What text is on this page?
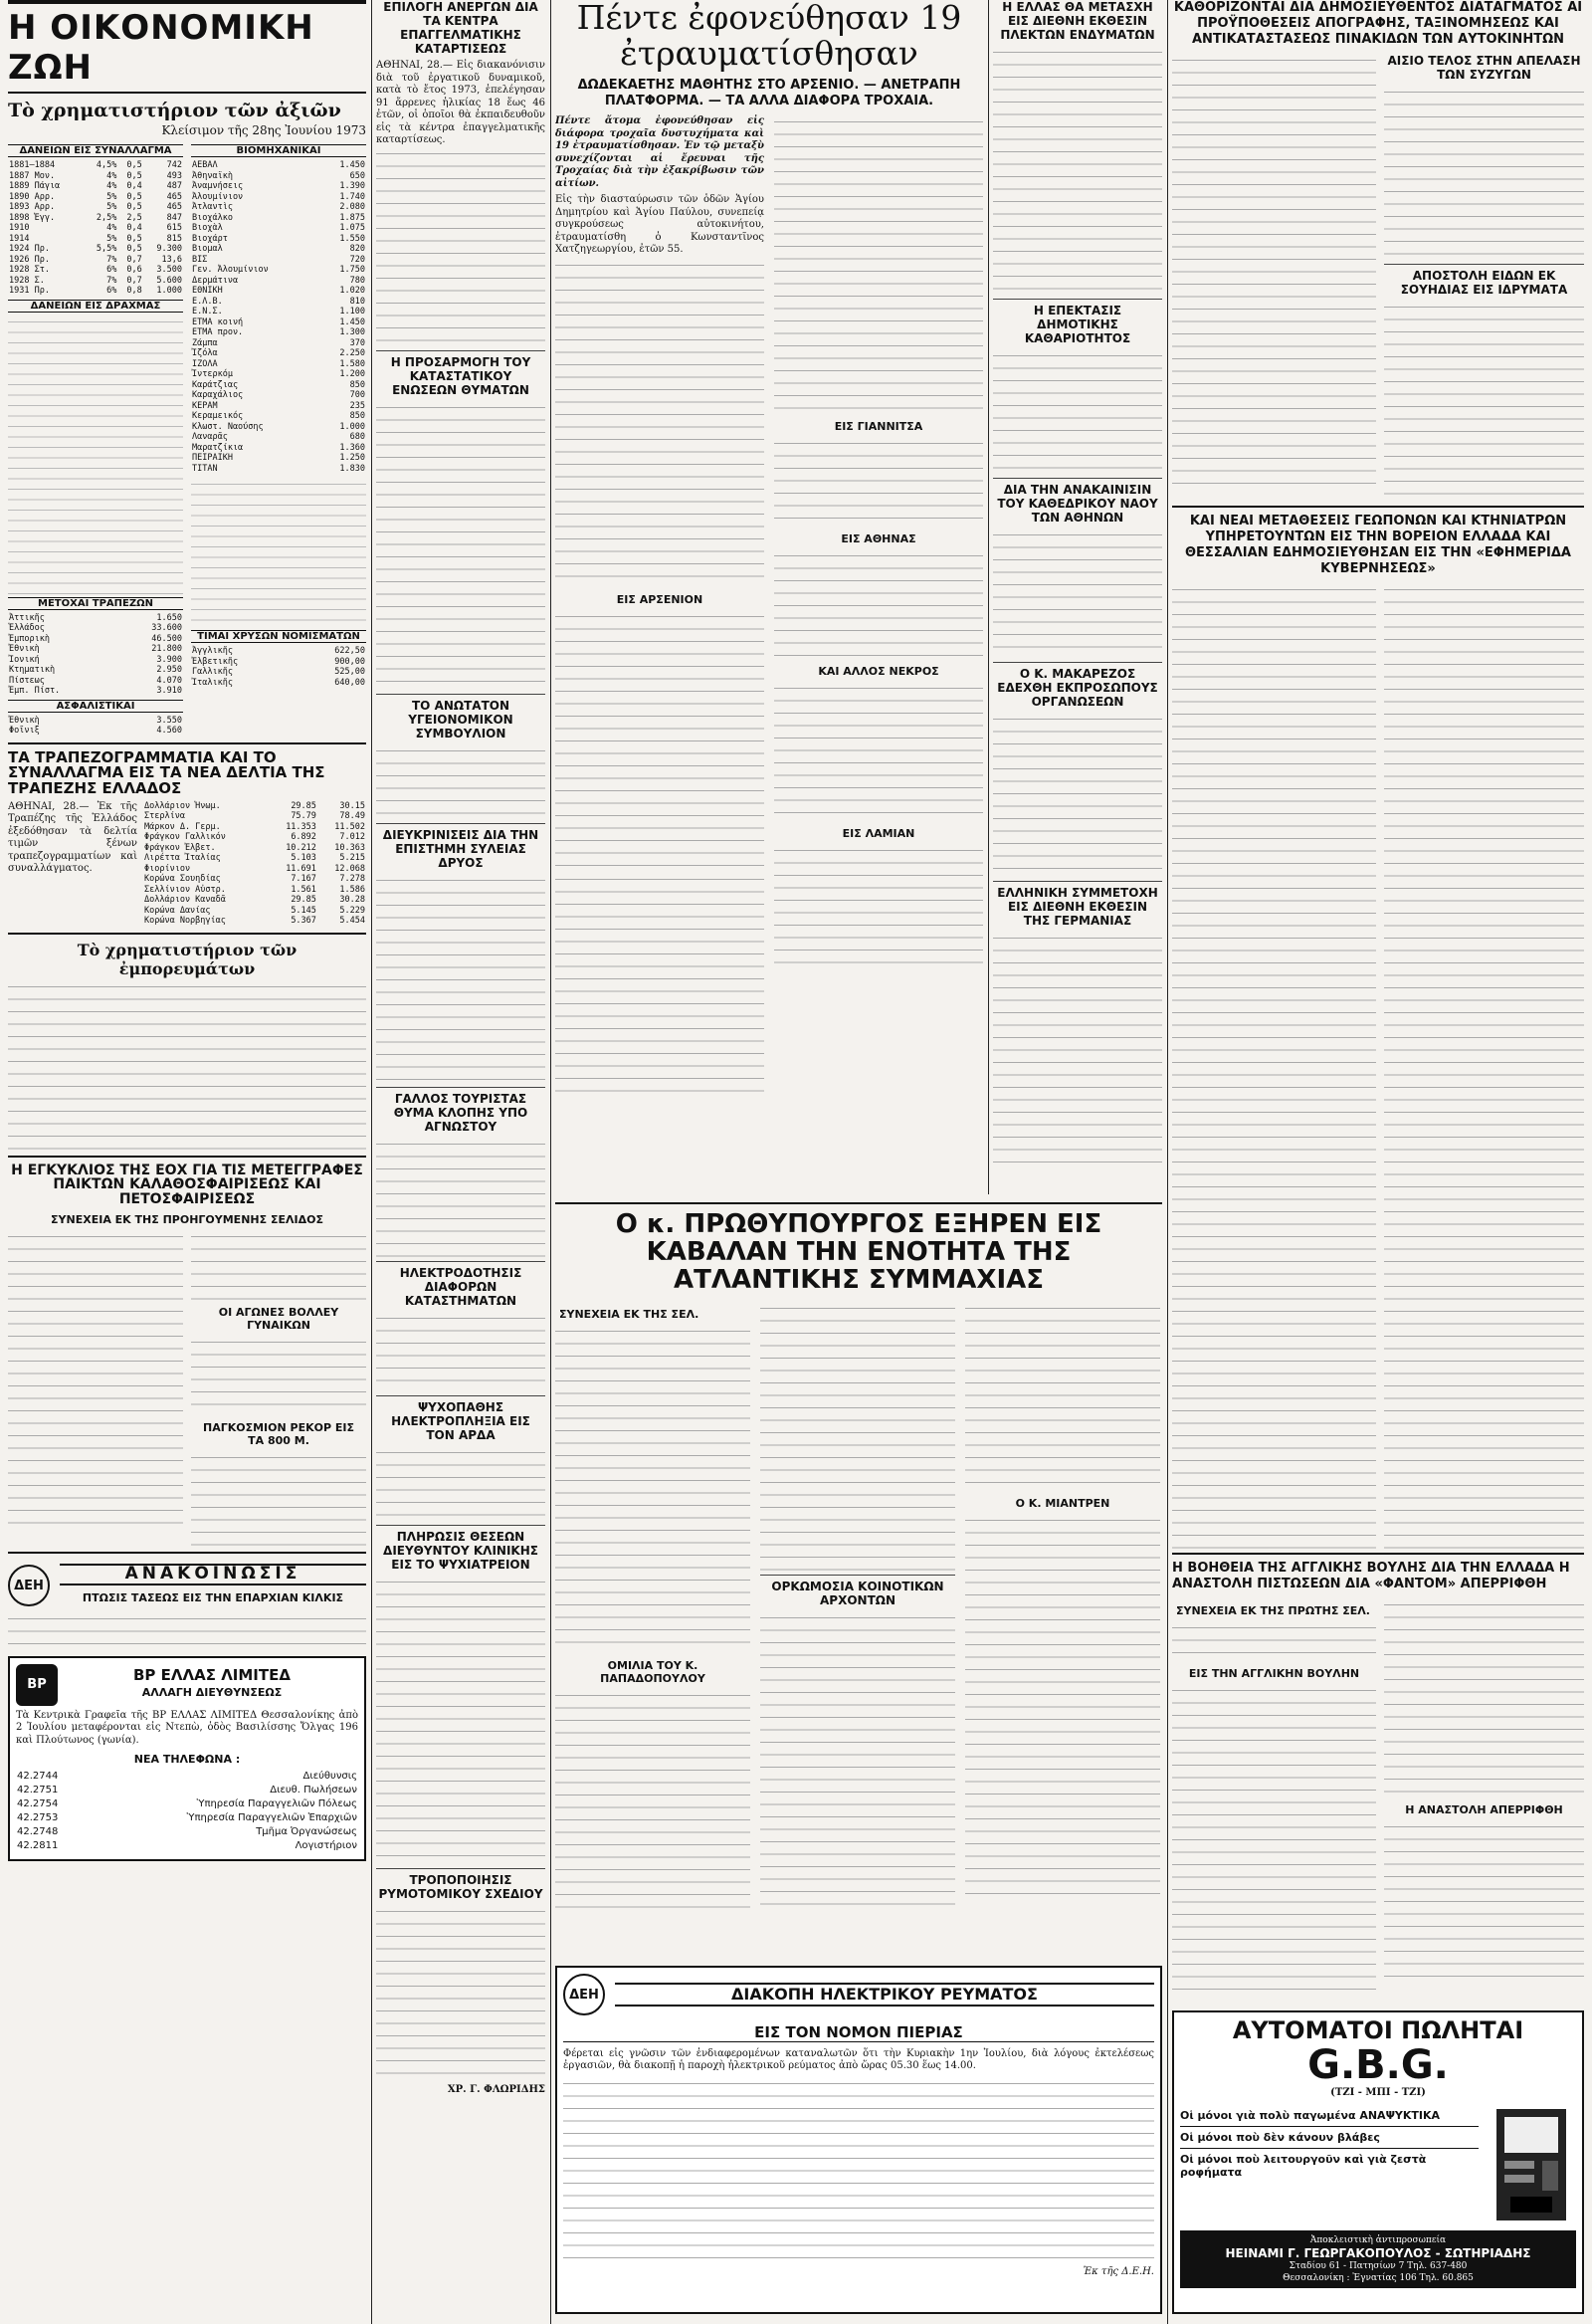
Η ΟΙΚΟΝΟΜΙΚΗ ΖΩΗ
Τὸ χρηματιστήριον τῶν ἀξιῶν
Κλείσιμον τῆς 28ης Ἰουνίου 1973
ΔΑΝΕΙΩΝ ΕΙΣ ΣΥΝΑΛΛΑΓΜΑ
1881—1884	4,5%	0,5	742
1887 Μον.	4%	0,5	493
1889 Πάγια	4%	0,4	487
1890 Αρρ.	5%	0,5	465
1893 Αρρ.	5%	0,5	465
1898 Ἐγγ.	2,5%	2,5	847
1910	4%	0,4	615
1914	5%	0,5	815
1924 Πρ.	5,5%	0,5	9.300
1926 Πρ.	7%	0,7	13,6
1928 Στ.	6%	0,6	3.500
1928 Σ.	7%	0,7	5.600
1931 Πρ.	6%	0,8	1.000
ΔΑΝΕΙΩΝ ΕΙΣ ΔΡΑΧΜΑΣ
ΜΕΤΟΧΑΙ ΤΡΑΠΕΖΩΝ
Ἀττικῆς	1.650
Ἑλλάδος	33.600
Ἐμπορικὴ	46.500
Ἐθνικὴ	21.800
Ἰονική	3.900
Κτηματικὴ	2.950
Πίστεως	4.070
Ἐμπ. Πίστ.	3.910
ΑΣΦΑΛΙΣΤΙΚΑΙ
Ἐθνικὴ	3.550
Φοῖνιξ	4.560
ΒΙΟΜΗΧΑΝΙΚΑΙ
ΑΕΒΑΛ	1.450
Ἀθηναϊκὴ	650
Ἀναμνήσεις	1.390
Ἀλουμίνιον	1.740
Ἀτλαντὶς	2.080
Βιοχάλκο	1.875
Βιοχὰλ	1.075
Βιοχάρτ	1.550
Βιομαλ	820
ΒΙΣ	720
Γεν. Ἀλουμίνιον	1.750
Δερμάτινα	780
ΕΘΝΙΚΗ	1.020
Ε.Λ.Β.	810
Ε.Ν.Σ.	1.100
ΕΤΜΑ κοινή	1.450
ΕΤΜΑ προν.	1.300
Ζάμπα	370
Ἰζόλα	2.250
ΙΖΟΛΑ	1.580
Ἰντερκόμ	1.200
Καράτζιας	850
Καραχάλιος	700
ΚΕΡΑΜ	235
Κεραμεικός	850
Κλωστ. Ναούσης	1.000
Λαναρᾶς	680
Μαρατζίκια	1.360
ΠΕΙΡΑΙΚΗ	1.250
ΤΙΤΑΝ	1.830
ΤΙΜΑΙ ΧΡΥΣΩΝ ΝΟΜΙΣΜΑΤΩΝ
Ἀγγλικῆς	622,50
Ἐλβετικῆς	900,00
Γαλλικῆς	525,00
Ἰταλικῆς	640,00
ΤΑ ΤΡΑΠΕΖΟΓΡΑΜΜΑΤΙΑ ΚΑΙ ΤΟ ΣΥΝΑΛΛΑΓΜΑ ΕΙΣ ΤΑ ΝΕΑ ΔΕΛΤΙΑ ΤΗΣ ΤΡΑΠΕΖΗΣ ΕΛΛΑΔΟΣ
ΑΘΗΝΑΙ, 28.— Ἐκ τῆς Τραπέζης τῆς Ἑλλάδος ἐξεδόθησαν τὰ δελτία τιμῶν ξένων τραπεζογραμματίων καὶ συναλλάγματος.
Δολλάριον Ἡνωμ.	29.85	30.15
Στερλίνα	75.79	78.49
Μάρκον Δ. Γερμ.	11.353	11.502
Φράγκον Γαλλικόν	6.892	7.012
Φράγκον Ἐλβετ.	10.212	10.363
Λιρέττα Ἰταλίας	5.103	5.215
Φιορίνιον	11.691	12.068
Κορώνα Σουηδίας	7.167	7.278
Σελλίνιον Αὐστρ.	1.561	1.586
Δολλάριον Καναδᾶ	29.85	30.28
Κορώνα Δανίας	5.145	5.229
Κορώνα Νορβηγίας	5.367	5.454
Τὸ χρηματιστήριον τῶν ἐμπορευμάτων
Η ΕΓΚΥΚΛΙΟΣ ΤΗΣ ΕΟΧ ΓΙΑ ΤΙΣ ΜΕΤΕΓΓΡΑΦΕΣ ΠΑΙΚΤΩΝ ΚΑΛΑΘΟΣΦΑΙΡΙΣΕΩΣ ΚΑΙ ΠΕΤΟΣΦΑΙΡΙΣΕΩΣ
ΣΥΝΕΧΕΙΑ ΕΚ ΤΗΣ ΠΡΟΗΓΟΥΜΕΝΗΣ ΣΕΛΙΔΟΣ
ΟΙ ΑΓΩΝΕΣ ΒΟΛΛΕΥ ΓΥΝΑΙΚΩΝ
ΠΑΓΚΟΣΜΙΟΝ ΡΕΚΟΡ ΕΙΣ ΤΑ 800 Μ.
ΔΕΗ
ΑΝΑΚΟΙΝΩΣΙΣ
ΠΤΩΣΙΣ ΤΑΣΕΩΣ ΕΙΣ ΤΗΝ ΕΠΑΡΧΙΑΝ ΚΙΛΚΙΣ
BP
BP ΕΛΛΑΣ ΛΙΜΙΤΕΔ
ΑΛΛΑΓΗ ΔΙΕΥΘΥΝΣΕΩΣ
Τὰ Κεντρικὰ Γραφεῖα τῆς BP ΕΛΛΑΣ ΛΙΜΙΤΕΔ Θεσσαλονίκης ἀπὸ 2 Ἰουλίου μεταφέρονται εἰς Ντεπὼ, ὁδὸς Βασιλίσσης Ὄλγας 196 καὶ Πλούτωνος (γωνία).
ΝΕΑ ΤΗΛΕΦΩΝΑ :
42.2744	Διεύθυνσις
42.2751	Διευθ. Πωλήσεων
42.2754	Ὑπηρεσία Παραγγελιῶν Πόλεως
42.2753	Ὑπηρεσία Παραγγελιῶν Ἐπαρχιῶν
42.2748	Τμῆμα Ὀργανώσεως
42.2811	Λογιστήριον
ΕΠΙΛΟΓΗ ΑΝΕΡΓΩΝ ΔΙΑ ΤΑ ΚΕΝΤΡΑ ΕΠΑΓΓΕΛΜΑΤΙΚΗΣ ΚΑΤΑΡΤΙΣΕΩΣ
ΑΘΗΝΑΙ, 28.— Εἰς διακανόνισιν διὰ τοῦ ἐργατικοῦ δυναμικοῦ, κατὰ τὸ ἔτος 1973, ἐπελέγησαν 91 ἄρρενες ἡλικίας 18 ἕως 46 ἐτῶν, οἱ ὁποῖοι θὰ ἐκπαιδευθοῦν εἰς τὰ κέντρα ἐπαγγελματικῆς καταρτίσεως.
Η ΠΡΟΣΑΡΜΟΓΗ ΤΟΥ ΚΑΤΑΣΤΑΤΙΚΟΥ ΕΝΩΣΕΩΝ ΘΥΜΑΤΩΝ
ΤΟ ΑΝΩΤΑΤΟΝ ΥΓΕΙΟΝΟΜΙΚΟΝ ΣΥΜΒΟΥΛΙΟΝ
ΔΙΕΥΚΡΙΝΙΣΕΙΣ ΔΙΑ ΤΗΝ ΕΠΙΣΤΗΜΗ ΣΥΛΕΙΑΣ ΔΡΥΟΣ
ΓΑΛΛΟΣ ΤΟΥΡΙΣΤΑΣ ΘΥΜΑ ΚΛΟΠΗΣ ΥΠΟ ΑΓΝΩΣΤΟΥ
ΗΛΕΚΤΡΟΔΟΤΗΣΙΣ ΔΙΑΦΟΡΩΝ ΚΑΤΑΣΤΗΜΑΤΩΝ
ΨΥΧΟΠΑΘΗΣ ΗΛΕΚΤΡΟΠΛΗΞΙΑ ΕΙΣ ΤΟΝ ΑΡΔΑ
ΠΛΗΡΩΣΙΣ ΘΕΣΕΩΝ ΔΙΕΥΘΥΝΤΟΥ ΚΛΙΝΙΚΗΣ ΕΙΣ ΤΟ ΨΥΧΙΑΤΡΕΙΟΝ
ΤΡΟΠΟΠΟΙΗΣΙΣ ΡΥΜΟΤΟΜΙΚΟΥ ΣΧΕΔΙΟΥ
ΧΡ. Γ. ΦΛΩΡΙΔΗΣ
Πέντε ἐφονεύθησαν 19 ἐτραυματίσθησαν
ΔΩΔΕΚΑΕΤΗΣ ΜΑΘΗΤΗΣ ΣΤΟ ΑΡΣΕΝΙΟ. — ΑΝΕΤΡΑΠΗ ΠΛΑΤΦΟΡΜΑ. — ΤΑ ΑΛΛΑ ΔΙΑΦΟΡΑ ΤΡΟΧΑΙΑ.
Πέντε ἄτομα ἐφονεύθησαν εἰς διάφορα τροχαῖα δυστυχήματα καὶ 19 ἐτραυματίσθησαν. Ἐν τῷ μεταξὺ συνεχίζονται αἱ ἔρευναι τῆς Τροχαίας διὰ τὴν ἐξακρίβωσιν τῶν αἰτίων.
Εἰς τὴν διασταύρωσιν τῶν ὁδῶν Ἁγίου Δημητρίου καὶ Ἁγίου Παύλου, συνεπείᾳ συγκρούσεως αὐτοκινήτου, ἐτραυματίσθη ὁ Κωνσταντῖνος Χατζηγεωργίου, ἐτῶν 55.
ΕΙΣ ΑΡΣΕΝΙΟΝ
ΕΙΣ ΓΙΑΝΝΙΤΣΑ
ΕΙΣ ΑΘΗΝΑΣ
ΚΑΙ ΑΛΛΟΣ ΝΕΚΡΟΣ
ΕΙΣ ΛΑΜΙΑΝ
Η ΕΛΛΑΣ ΘΑ ΜΕΤΑΣΧΗ ΕΙΣ ΔΙΕΘΝΗ ΕΚΘΕΣΙΝ ΠΛΕΚΤΩΝ ΕΝΔΥΜΑΤΩΝ
Η ΕΠΕΚΤΑΣΙΣ ΔΗΜΟΤΙΚΗΣ ΚΑΘΑΡΙΟΤΗΤΟΣ
ΔΙΑ ΤΗΝ ΑΝΑΚΑΙΝΙΣΙΝ ΤΟΥ ΚΑΘΕΔΡΙΚΟΥ ΝΑΟΥ ΤΩΝ ΑΘΗΝΩΝ
Ο Κ. ΜΑΚΑΡΕΖΟΣ ΕΔΕΧΘΗ ΕΚΠΡΟΣΩΠΟΥΣ ΟΡΓΑΝΩΣΕΩΝ
ΕΛΛΗΝΙΚΗ ΣΥΜΜΕΤΟΧΗ ΕΙΣ ΔΙΕΘΝΗ ΕΚΘΕΣΙΝ ΤΗΣ ΓΕΡΜΑΝΙΑΣ
Ο κ. ΠΡΩΘΥΠΟΥΡΓΟΣ ΕΞΗΡΕΝ ΕΙΣ ΚΑΒΑΛΑΝ ΤΗΝ ΕΝΟΤΗΤΑ ΤΗΣ ΑΤΛΑΝΤΙΚΗΣ ΣΥΜΜΑΧΙΑΣ
ΣΥΝΕΧΕΙΑ ΕΚ ΤΗΣ ΣΕΛ.
ΟΜΙΛΙΑ ΤΟΥ Κ. ΠΑΠΑΔΟΠΟΥΛΟΥ
ΟΡΚΩΜΟΣΙΑ ΚΟΙΝΟΤΙΚΩΝ ΑΡΧΟΝΤΩΝ
Ο Κ. ΜΙΑΝΤΡΕΝ
ΔΕΗ	ΔΙΑΚΟΠΗ ΗΛΕΚΤΡΙΚΟΥ ΡΕΥΜΑΤΟΣ
ΕΙΣ ΤΟΝ ΝΟΜΟΝ ΠΙΕΡΙΑΣ
Φέρεται εἰς γνῶσιν τῶν ἐνδιαφερομένων καταναλωτῶν ὅτι τὴν Κυριακὴν 1ην Ἰουλίου, διὰ λόγους ἐκτελέσεως ἐργασιῶν, θὰ διακοπῇ ἡ παροχὴ ἠλεκτρικοῦ ρεύματος ἀπὸ ὥρας 05.30 ἕως 14.00.
Ἐκ τῆς Δ.Ε.Η.
ΚΑΘΟΡΙΖΟΝΤΑΙ ΔΙΑ ΔΗΜΟΣΙΕΥΘΕΝΤΟΣ ΔΙΑΤΑΓΜΑΤΟΣ ΑΙ ΠΡΟΫΠΟΘΕΣΕΙΣ ΑΠΟΓΡΑΦΗΣ, ΤΑΞΙΝΟΜΗΣΕΩΣ ΚΑΙ ΑΝΤΙΚΑΤΑΣΤΑΣΕΩΣ ΠΙΝΑΚΙΔΩΝ ΤΩΝ ΑΥΤΟΚΙΝΗΤΩΝ
ΑΙΣΙΟ ΤΕΛΟΣ ΣΤΗΝ ΑΠΕΛΑΣΗ ΤΩΝ ΣΥΖΥΓΩΝ
ΑΠΟΣΤΟΛΗ ΕΙΔΩΝ ΕΚ ΣΟΥΗΔΙΑΣ ΕΙΣ ΙΔΡΥΜΑΤΑ
ΚΑΙ ΝΕΑΙ ΜΕΤΑΘΕΣΕΙΣ ΓΕΩΠΟΝΩΝ ΚΑΙ ΚΤΗΝΙΑΤΡΩΝ ΥΠΗΡΕΤΟΥΝΤΩΝ ΕΙΣ ΤΗΝ ΒΟΡΕΙΟΝ ΕΛΛΑΔΑ ΚΑΙ ΘΕΣΣΑΛΙΑΝ ΕΔΗΜΟΣΙΕΥΘΗΣΑΝ ΕΙΣ ΤΗΝ «ΕΦΗΜΕΡΙΔΑ ΚΥΒΕΡΝΗΣΕΩΣ»
Η ΒΟΗΘΕΙΑ ΤΗΣ ΑΓΓΛΙΚΗΣ ΒΟΥΛΗΣ ΔΙΑ ΤΗΝ ΕΛΛΑΔΑ Η ΑΝΑΣΤΟΛΗ ΠΙΣΤΩΣΕΩΝ ΔΙΑ «ΦΑΝΤΟΜ» ΑΠΕΡΡΙΦΘΗ
ΣΥΝΕΧΕΙΑ ΕΚ ΤΗΣ ΠΡΩΤΗΣ ΣΕΛ.
ΕΙΣ ΤΗΝ ΑΓΓΛΙΚΗΝ ΒΟΥΛΗΝ
Η ΑΝΑΣΤΟΛΗ ΑΠΕΡΡΙΦΘΗ
ΑΥΤΟΜΑΤΟΙ ΠΩΛΗΤΑΙ
G.B.G.
(ΤΖΙ - ΜΠΙ - ΤΖΙ)
Οἱ μόνοι γιὰ πολὺ παγωμένα ΑΝΑΨΥΚΤΙΚΑ
Οἱ μόνοι ποὺ δὲν κάνουν βλάβες
Οἱ μόνοι ποὺ λειτουργοῦν καὶ γιὰ ζεστὰ ροφήματα
Ἀποκλειστικὴ ἀντιπροσωπεία
ΗΕΙΝΑΜΙ Γ. ΓΕΩΡΓΑΚΟΠΟΥΛΟΣ - ΣΩΤΗΡΙΑΔΗΣ
Σταδίου 61 - Πατησίων 7 Τηλ. 637-480
Θεσσαλονίκη : Ἐγνατίας 106 Τηλ. 60.865
